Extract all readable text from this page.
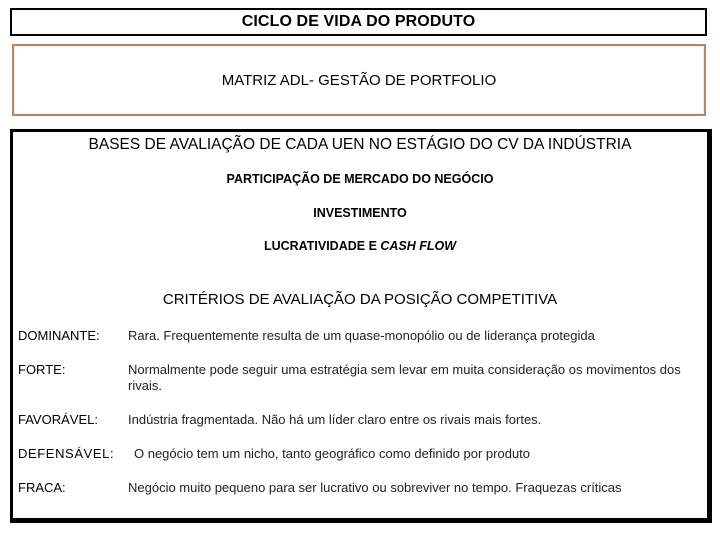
CICLO DE VIDA DO PRODUTO
MATRIZ ADL- GESTÃO DE PORTFOLIO
BASES DE AVALIAÇÃO DE CADA UEN NO ESTÁGIO DO CV DA INDÚSTRIA
PARTICIPAÇÃO DE MERCADO DO NEGÓCIO
INVESTIMENTO
LUCRATIVIDADE E CASH FLOW
CRITÉRIOS DE AVALIAÇÃO DA POSIÇÃO COMPETITIVA
DOMINANTE: Rara. Frequentemente resulta de um quase-monopólio ou de liderança protegida
FORTE:	Normalmente pode seguir uma estratégia sem levar em muita consideração os movimentos dos rivais.
FAVORÁVEL: Indústria fragmentada. Não há um líder claro entre os rivais mais fortes.
DEFENSÁVEL: O negócio tem um nicho, tanto geográfico como definido por produto
FRACA:	Negócio muito pequeno para ser lucrativo ou sobreviver no tempo. Fraquezas críticas
